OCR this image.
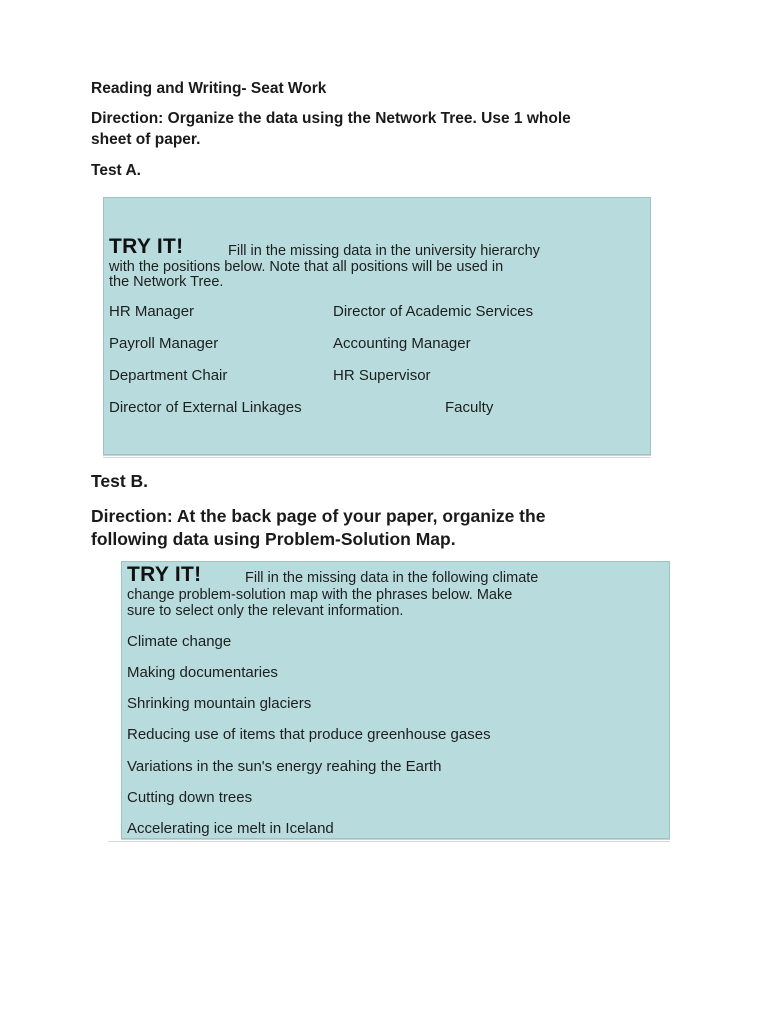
Reading and Writing- Seat Work
Direction: Organize the data using the Network Tree. Use 1 whole
sheet of paper.
Test A.
TRY IT!	Fill in the missing data in the university hierarchy
with the positions below. Note that all positions will be used in
the Network Tree.
HR Manager	Director of Academic Services
Payroll Manager	Accounting Manager
Department Chair	HR Supervisor
Director of External Linkages	Faculty
Test B.
Direction: At the back page of your paper, organize the
following data using Problem-Solution Map.
TRY IT!	Fill in the missing data in the following climate
change problem-solution map with the phrases below. Make
sure to select only the relevant information.
Climate change
Making documentaries
Shrinking mountain glaciers
Reducing use of items that produce greenhouse gases
Variations in the sun's energy reahing the Earth
Cutting down trees
Accelerating ice melt in Iceland
